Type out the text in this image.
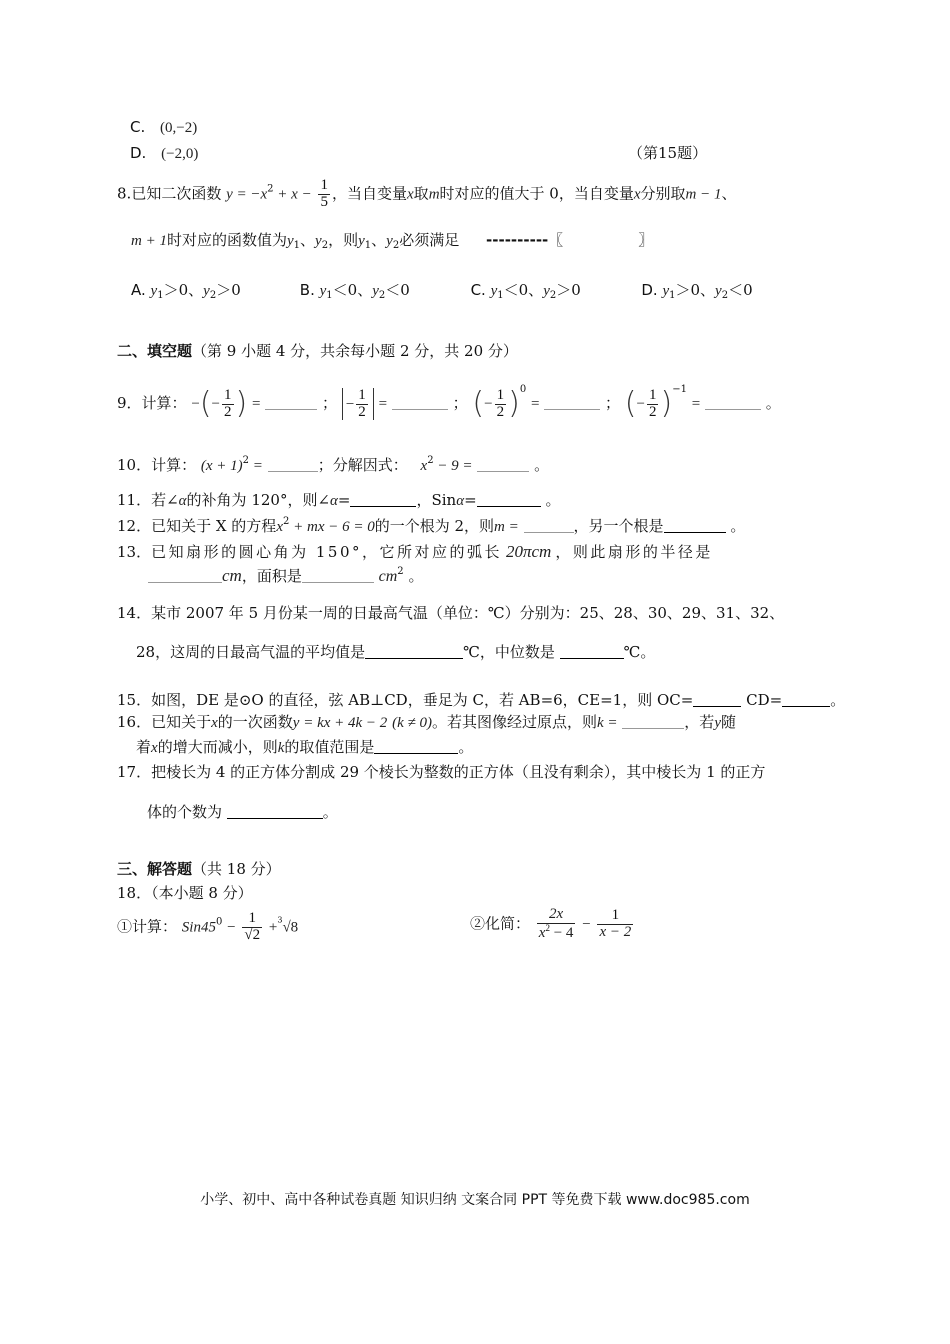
C. (0,−2)
D. (−2,0)	（第15题）
8.已知二次函数 $y = -x^2 + x - \frac{1}{5}$ ，当自变量x取m时对应的值大于 0，当自变量x分别取m − 1、
m + 1时对应的函数值为$y_1$、$y_2$，则$y_1$、$y_2$必须满足 ----------〖　　　　　〗
A. $y_1>0$、$y_2>0$	B. $y_1<0$、$y_2<0$	C. $y_1<0$、$y_2>0$	D. $y_1>0$、$y_2<0$
二、填空题（第 9 小题 4 分，共余每小题 2 分，共 20 分）
9．计算： −(− $\frac{1}{2}$ ) =	； − $\frac{1}{2}$ =	； (− $\frac{1}{2} )^0$ =	； (− $\frac{1}{2} )^{-1}$ =	。
10．计算： $(x + 1)^2$ =	；分解因式： $x^2 - 9$ =	。
11．若∠α的补角为 120°，则∠α=	，Sinα=	。
12．已知关于 X 的方程$x^2$ + mx − 6 = 0的一个根为 2，则m =	，另一个根是	。
13．已知扇形的圆心角为 150°，它所对应的弧长 20πcm ，则此扇形的半径是
cm，面积是	$cm^2$ 。
14．某市 2007 年 5 月份某一周的日最高气温（单位：℃）分别为：25、28、30、29、31、32、
28，这周的日最高气温的平均值是	℃，中位数是	℃。
15．如图，DE 是⊙O 的直径，弦 AB⊥CD，垂足为 C，若 AB=6，CE=1，则 OC=	CD=	。
16．已知关于x的一次函数y = kx + 4k − 2 (k ≠ 0)。若其图像经过原点，则k =	，若y随
着x的增大而减小，则k的取值范围是	。
17．把棱长为 4 的正方体分割成 29 个棱长为整数的正方体（且没有剩余），其中棱长为 1 的正方
体的个数为	。
三、解答题（共 18 分）
18．（本小题 8 分）
①计算： $Sin45^0 - \frac{1}{√2} +^3√8$	②化简： $\frac{2x}{x^2 - 4} - \frac{1}{x - 2}$
小学、初中、高中各种试卷真题 知识归纳 文案合同 PPT 等免费下载 www.doc985.com
